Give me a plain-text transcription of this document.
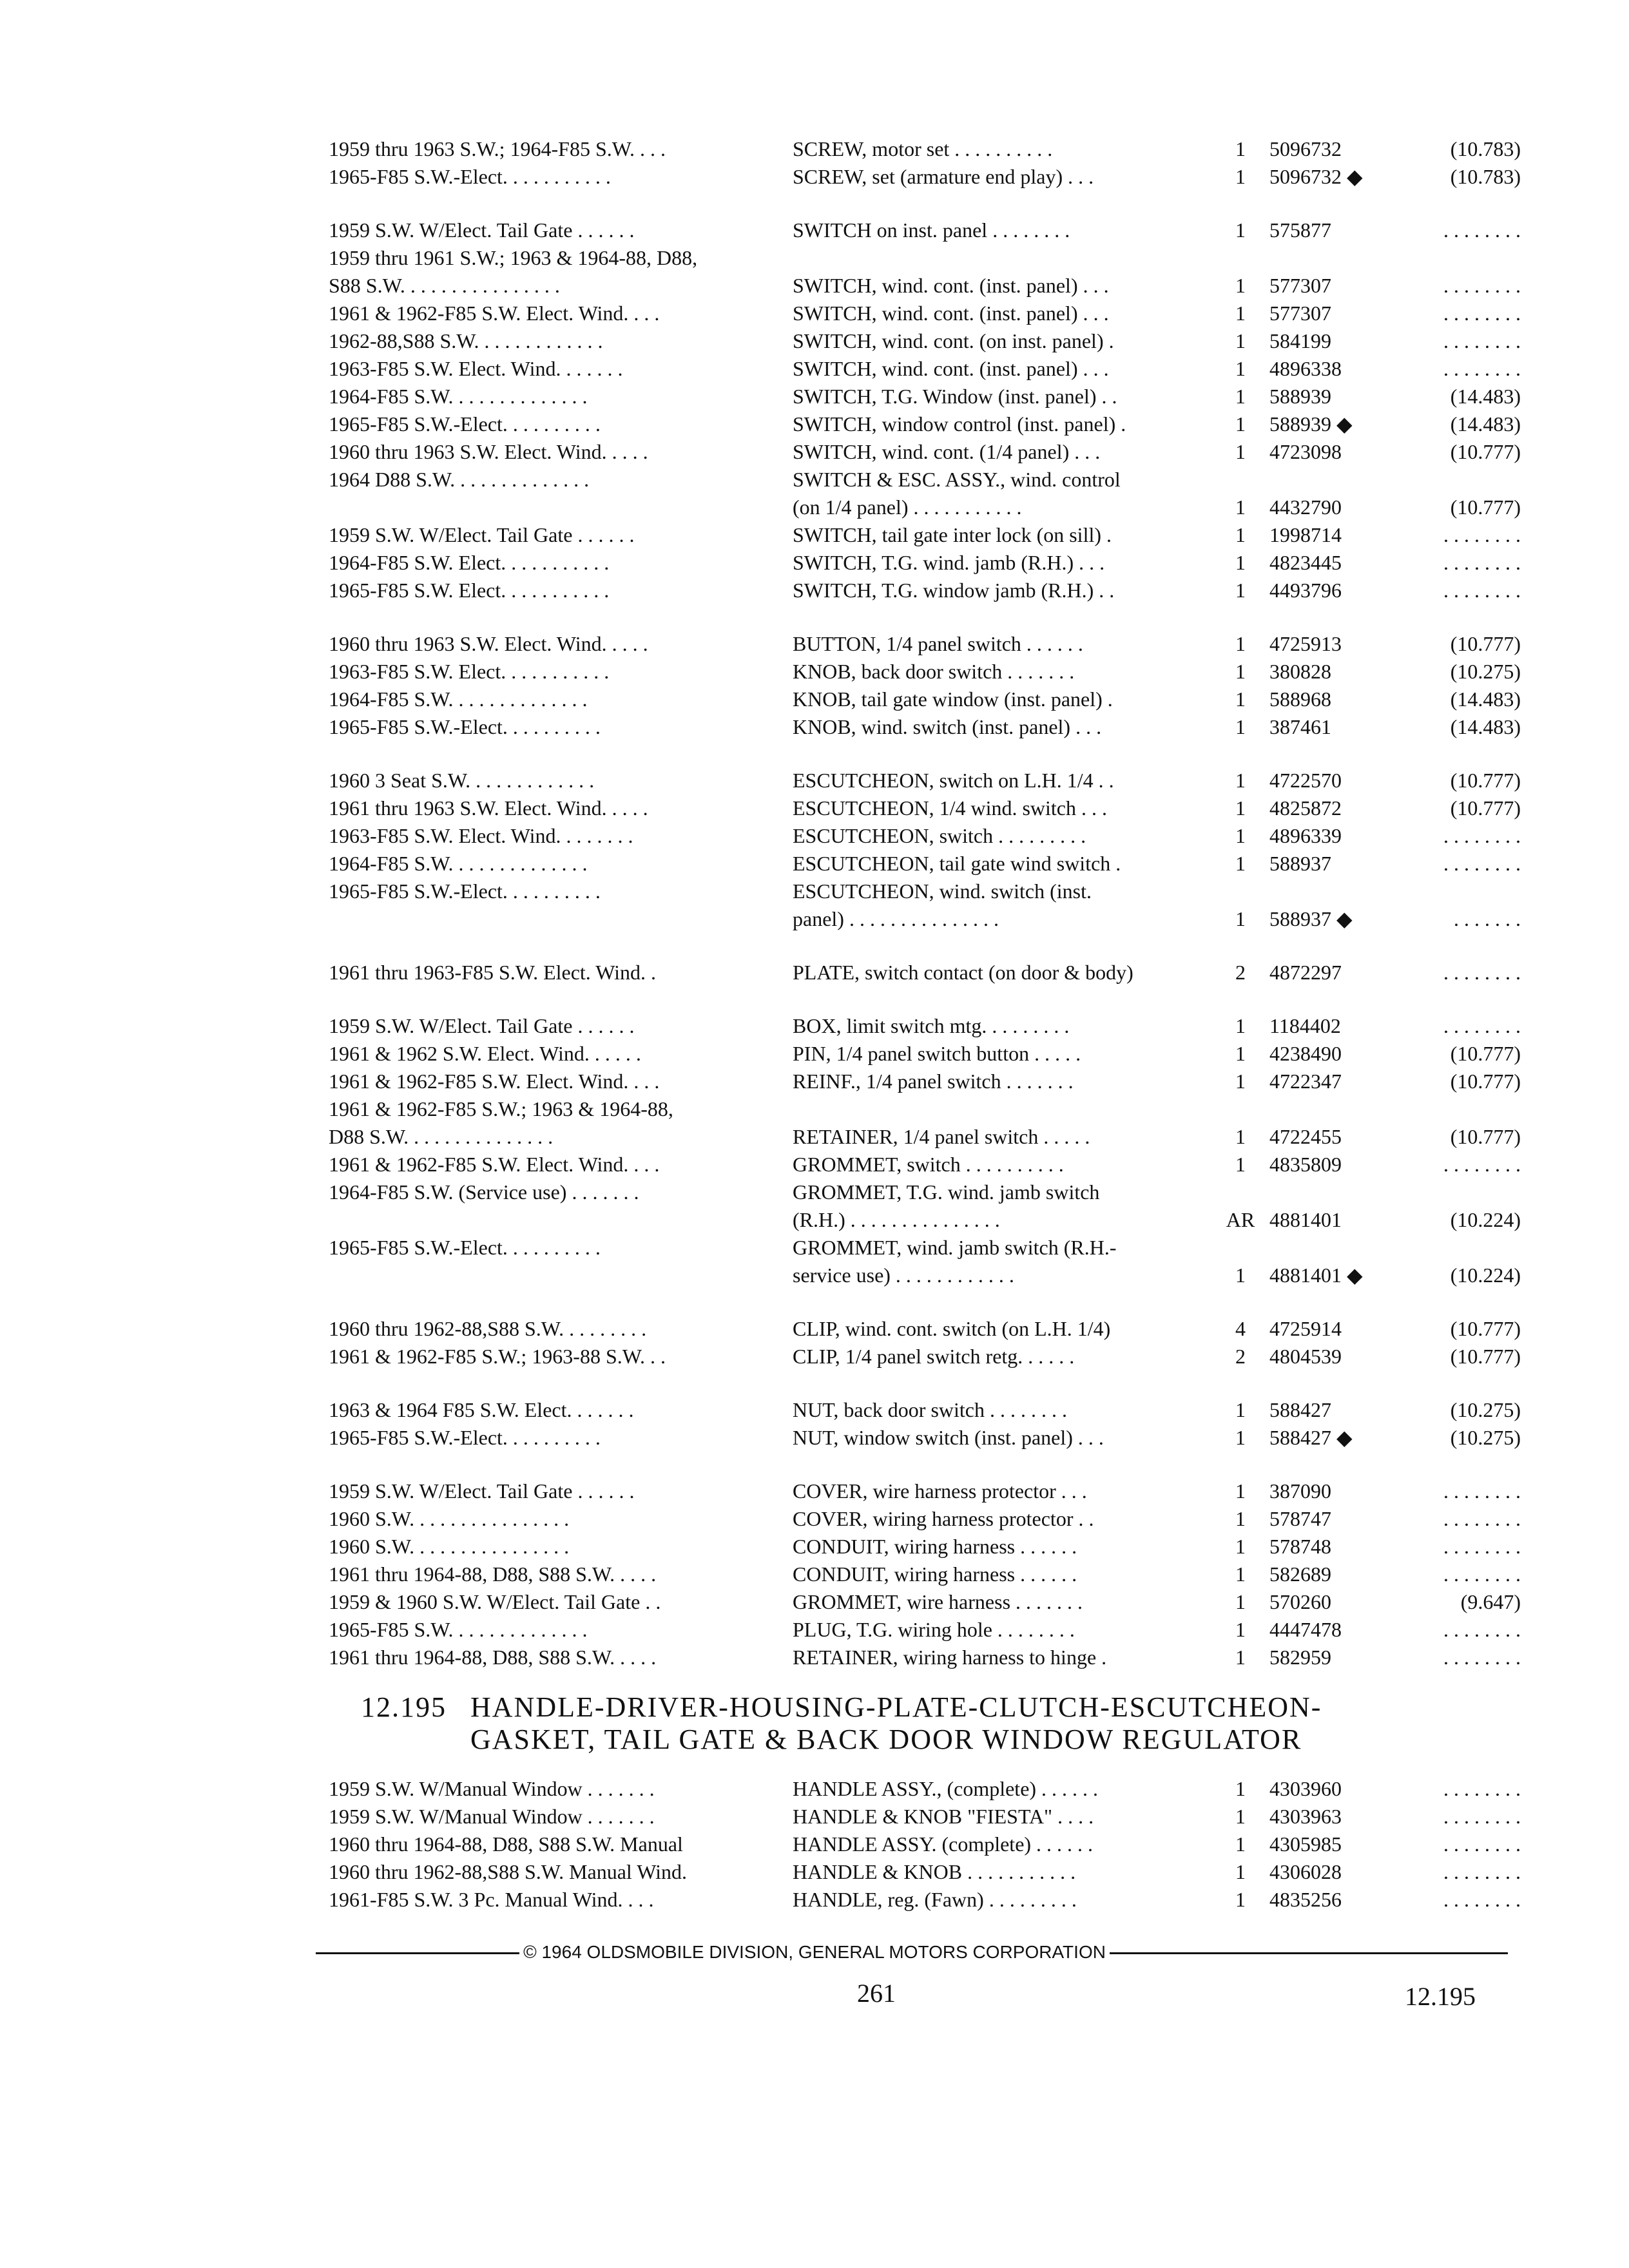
1959 thru 1963 S.W.; 1964-F85 S.W. . . .	SCREW, motor set . . . . . . . . . .	1	5096732	(10.783)
1965-F85 S.W.-Elect. . . . . . . . . . .	SCREW, set (armature end play) . . .	1	5096732 ◆	(10.783)
1959 S.W. W/Elect. Tail Gate . . . . . .	SWITCH on inst. panel . . . . . . . .	1	575877	. . . . . . . .
1959 thru 1961 S.W.; 1963 & 1964-88, D88,
S88 S.W. . . . . . . . . . . . . . . .	SWITCH, wind. cont. (inst. panel) . . .	1	577307	. . . . . . . .
1961 & 1962-F85 S.W. Elect. Wind. . . .	SWITCH, wind. cont. (inst. panel) . . .	1	577307	. . . . . . . .
1962-88,S88 S.W. . . . . . . . . . . . .	SWITCH, wind. cont. (on inst. panel) .	1	584199	. . . . . . . .
1963-F85 S.W. Elect. Wind. . . . . . .	SWITCH, wind. cont. (inst. panel) . . .	1	4896338	. . . . . . . .
1964-F85 S.W. . . . . . . . . . . . . .	SWITCH, T.G. Window (inst. panel) . .	1	588939	(14.483)
1965-F85 S.W.-Elect. . . . . . . . . .	SWITCH, window control (inst. panel) .	1	588939 ◆	(14.483)
1960 thru 1963 S.W. Elect. Wind. . . . .	SWITCH, wind. cont. (1/4 panel) . . .	1	4723098	(10.777)
1964 D88 S.W. . . . . . . . . . . . . .	SWITCH & ESC. ASSY., wind. control
(on 1/4 panel) . . . . . . . . . . .	1	4432790	(10.777)
1959 S.W. W/Elect. Tail Gate . . . . . .	SWITCH, tail gate inter lock (on sill) .	1	1998714	. . . . . . . .
1964-F85 S.W. Elect. . . . . . . . . . .	SWITCH, T.G. wind. jamb (R.H.) . . .	1	4823445	. . . . . . . .
1965-F85 S.W. Elect. . . . . . . . . . .	SWITCH, T.G. window jamb (R.H.) . .	1	4493796	. . . . . . . .
1960 thru 1963 S.W. Elect. Wind. . . . .	BUTTON, 1/4 panel switch . . . . . .	1	4725913	(10.777)
1963-F85 S.W. Elect. . . . . . . . . . .	KNOB, back door switch . . . . . . .	1	380828	(10.275)
1964-F85 S.W. . . . . . . . . . . . . .	KNOB, tail gate window (inst. panel) .	1	588968	(14.483)
1965-F85 S.W.-Elect. . . . . . . . . .	KNOB, wind. switch (inst. panel) . . .	1	387461	(14.483)
1960 3 Seat S.W. . . . . . . . . . . . .	ESCUTCHEON, switch on L.H. 1/4 . .	1	4722570	(10.777)
1961 thru 1963 S.W. Elect. Wind. . . . .	ESCUTCHEON, 1/4 wind. switch . . .	1	4825872	(10.777)
1963-F85 S.W. Elect. Wind. . . . . . . .	ESCUTCHEON, switch . . . . . . . . .	1	4896339	. . . . . . . .
1964-F85 S.W. . . . . . . . . . . . . .	ESCUTCHEON, tail gate wind switch .	1	588937	. . . . . . . .
1965-F85 S.W.-Elect. . . . . . . . . .	ESCUTCHEON, wind. switch (inst.
panel) . . . . . . . . . . . . . . .	1	588937 ◆	. . . . . . .
1961 thru 1963-F85 S.W. Elect. Wind. .	PLATE, switch contact (on door & body)	2	4872297	. . . . . . . .
1959 S.W. W/Elect. Tail Gate . . . . . .	BOX, limit switch mtg. . . . . . . . .	1	1184402	. . . . . . . .
1961 & 1962 S.W. Elect. Wind. . . . . .	PIN, 1/4 panel switch button . . . . .	1	4238490	(10.777)
1961 & 1962-F85 S.W. Elect. Wind. . . .	REINF., 1/4 panel switch . . . . . . .	1	4722347	(10.777)
1961 & 1962-F85 S.W.; 1963 & 1964-88,
D88 S.W. . . . . . . . . . . . . . .	RETAINER, 1/4 panel switch . . . . .	1	4722455	(10.777)
1961 & 1962-F85 S.W. Elect. Wind. . . .	GROMMET, switch . . . . . . . . . .	1	4835809	. . . . . . . .
1964-F85 S.W. (Service use) . . . . . . .	GROMMET, T.G. wind. jamb switch
(R.H.) . . . . . . . . . . . . . . .	AR 4881401	(10.224)
1965-F85 S.W.-Elect. . . . . . . . . .	GROMMET, wind. jamb switch (R.H.-
service use) . . . . . . . . . . . .	1	4881401 ◆	(10.224)
1960 thru 1962-88,S88 S.W. . . . . . . . .	CLIP, wind. cont. switch (on L.H. 1/4)	4	4725914	(10.777)
1961 & 1962-F85 S.W.; 1963-88 S.W. . .	CLIP, 1/4 panel switch retg. . . . . .	2	4804539	(10.777)
1963 & 1964 F85 S.W. Elect. . . . . . .	NUT, back door switch . . . . . . . .	1	588427	(10.275)
1965-F85 S.W.-Elect. . . . . . . . . .	NUT, window switch (inst. panel) . . .	1	588427 ◆	(10.275)
1959 S.W. W/Elect. Tail Gate . . . . . .	COVER, wire harness protector . . .	1	387090	. . . . . . . .
1960 S.W. . . . . . . . . . . . . . . .	COVER, wiring harness protector . .	1	578747	. . . . . . . .
1960 S.W. . . . . . . . . . . . . . . .	CONDUIT, wiring harness . . . . . .	1	578748	. . . . . . . .
1961 thru 1964-88, D88, S88 S.W. . . . .	CONDUIT, wiring harness . . . . . .	1	582689	. . . . . . . .
1959 & 1960 S.W. W/Elect. Tail Gate . .	GROMMET, wire harness . . . . . . .	1	570260	(9.647)
1965-F85 S.W. . . . . . . . . . . . . .	PLUG, T.G. wiring hole . . . . . . . .	1	4447478	. . . . . . . .
1961 thru 1964-88, D88, S88 S.W. . . . .	RETAINER, wiring harness to hinge .	1	582959	. . . . . . . .
12.195 HANDLE-DRIVER-HOUSING-PLATE-CLUTCH-ESCUTCHEON-
GASKET, TAIL GATE & BACK DOOR WINDOW REGULATOR
1959 S.W. W/Manual Window . . . . . . .	HANDLE ASSY., (complete) . . . . . .	1	4303960	. . . . . . . .
1959 S.W. W/Manual Window . . . . . . .	HANDLE & KNOB "FIESTA" . . . .	1	4303963	. . . . . . . .
1960 thru 1964-88, D88, S88 S.W. Manual	HANDLE ASSY. (complete) . . . . . .	1	4305985	. . . . . . . .
1960 thru 1962-88,S88 S.W. Manual Wind.	HANDLE & KNOB . . . . . . . . . . .	1	4306028	. . . . . . . .
1961-F85 S.W. 3 Pc. Manual Wind. . . .	HANDLE, reg. (Fawn) . . . . . . . . .	1	4835256	. . . . . . . .
© 1964 OLDSMOBILE DIVISION, GENERAL MOTORS CORPORATION
261	12.195
